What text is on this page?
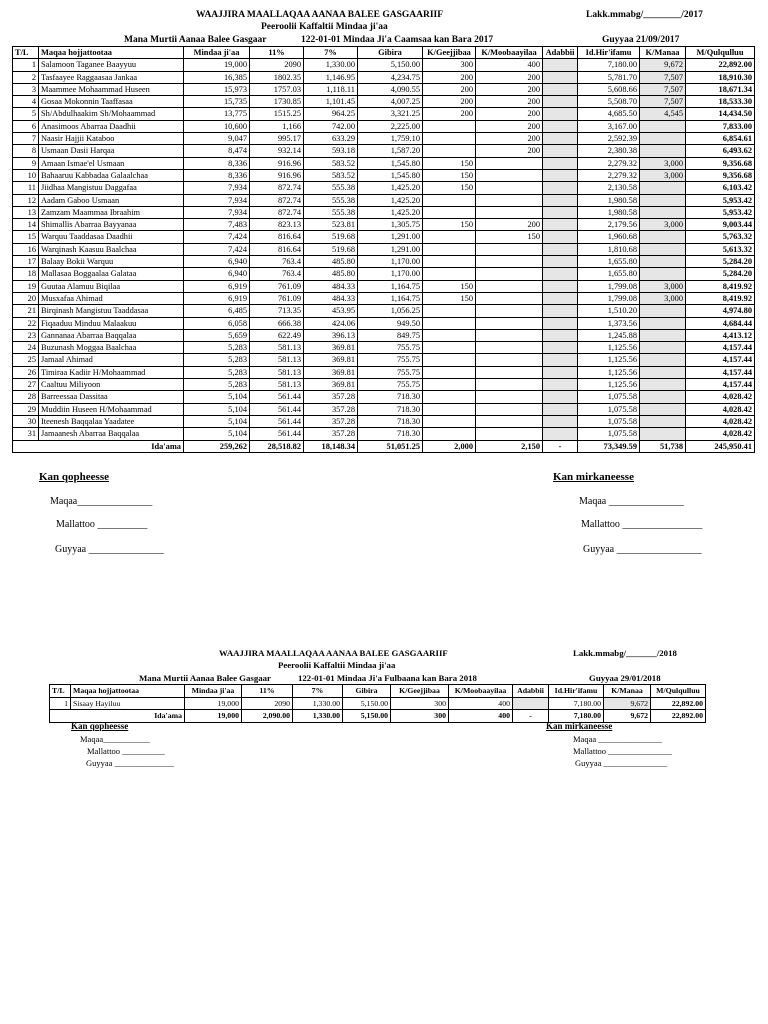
WAAJJIRA MAALLAQAA AANAA BALEE GASGAARIIF	Lakk.mmabg/________/2017
Peeroolii Kaffaltii Mindaa ji'aa
Mana Murtii Aanaa Balee Gasgaar	122-01-01 Mindaa Ji'a Caamsaa kan Bara 2017	Guyyaa 21/09/2017
T/L	Maqaa hojjattootaa	Mindaa ji'aa	11%	7%	Gibira	K/Geejjibaa	K/Moobaayilaa	Adabbii	Id.Hir'ifamu	K/Manaa	M/Qulqulluu
1	Salamoon Taganee Baayyuu	19,000	2090	1,330.00	5,150.00	300	400		7,180.00	9,672	22,892.00
2	Tasfaayee Raggaasaa Jankaa	16,385	1802.35	1,146.95	4,234.75	200	200		5,781.70	7,507	18,910.30
3	Maammee Mohaammad Huseen	15,973	1757.03	1,118.11	4,090.55	200	200		5,608.66	7,507	18,671.34
4	Gosaa Mokonnin Taaffasaa	15,735	1730.85	1,101.45	4,007.25	200	200		5,508.70	7,507	18,533.30
5	Sh/Abdulhaakim Sh/Mohaammad	13,775	1515.25	964.25	3,321.25	200	200		4,685.50	4,545	14,434.50
6	Anasimoos Abarraa Daadhii	10,600	1,166	742.00	2,225.00		200		3,167.00		7,833.00
7	Naasir Hajjii Kataboo	9,047	995.17	633.29	1,759.10		200		2,592.39		6,854.61
8	Usmaan Dasii Harqaa	8,474	932.14	593.18	1,587.20		200		2,380.38		6,493.62
9	Amaan Ismae'el Usmaan	8,336	916.96	583.52	1,545.80	150			2,279.32	3,000	9,356.68
10	Bahaaruu Kabbadaa Galaalchaa	8,336	916.96	583.52	1,545.80	150			2,279.32	3,000	9,356.68
11	Jiidhaa Mangistuu Daggafaa	7,934	872.74	555.38	1,425.20	150			2,130.58		6,103.42
12	Aadam Gaboo Usmaan	7,934	872.74	555.38	1,425.20				1,980.58		5,953.42
13	Zamzam Maammaa Ibraahim	7,934	872.74	555.38	1,425.20				1,980.58		5,953.42
14	Shimallis Abarraa Bayyanaa	7,483	823.13	523.81	1,305.75	150	200		2,179.56	3,000	9,003.44
15	Warquu Taaddasaa Daadhii	7,424	816.64	519.68	1,291.00		150		1,960.68		5,763.32
16	Warqinash Kaasuu Baalchaa	7,424	816.64	519.68	1,291.00				1,810.68		5,613.32
17	Balaay Bokii Warquu	6,940	763.4	485.80	1,170.00				1,655.80		5,284.20
18	Mallasaa Boggaalaa Galataa	6,940	763.4	485.80	1,170.00				1,655.80		5,284.20
19	Guutaa Alamuu Biqilaa	6,919	761.09	484.33	1,164.75	150			1,799.08	3,000	8,419.92
20	Musxafaa Ahimad	6,919	761.09	484.33	1,164.75	150			1,799.08	3,000	8,419.92
21	Birqinash Mangistuu Taaddasaa	6,485	713.35	453.95	1,056.25				1,510.20		4,974.80
22	Fiqaaduu Minduu Malaakuu	6,058	666.38	424.06	949.50				1,373.56		4,684.44
23	Gannanaa Abarraa Baqqalaa	5,659	622.49	396.13	849.75				1,245.88		4,413.12
24	Buzunash Moggaa Baalchaa	5,283	581.13	369.81	755.75				1,125.56		4,157.44
25	Jamaal Ahimad	5,283	581.13	369.81	755.75				1,125.56		4,157.44
26	Timiraa Kadiir H/Mohaammad	5,283	581.13	369.81	755.75				1,125.56		4,157.44
27	Caaltuu Miliyoon	5,283	581.13	369.81	755.75				1,125.56		4,157.44
28	Barreessaa Dassitaa	5,104	561.44	357.28	718.30				1,075.58		4,028.42
29	Muddiin Huseen H/Mohaammad	5,104	561.44	357.28	718.30				1,075.58		4,028.42
30	Iteenesh Baqqalaa Yaadatee	5,104	561.44	357.28	718.30				1,075.58		4,028.42
31	Jamaanesh Abarraa Baqqalaa	5,104	561.44	357.28	718.30				1,075.58		4,028.42
Ida'ama		259,262	28,518.82	18,148.34	51,051.25	2,000	2,150	-	73,349.59	51,738	245,950.41
Kan qopheesse	Kan mirkaneesse
Maqaa_______________
Mallattoo __________
Guyyaa _______________
Maqaa _______________
Mallattoo ________________
Guyyaa _________________
WAAJJIRA MAALLAQAA AANAA BALEE GASGAARIIF	Lakk.mmabg/_______/2018
Peeroolii Kaffaltii Mindaa ji'aa
Mana Murtii Aanaa Balee Gasgaar	122-01-01 Mindaa Ji'a Fulbaana kan Bara 2018	Guyyaa 29/01/2018
T/L	Maqaa hojjattootaa	Mindaa ji'aa	11%	7%	Gibira	K/Geejjibaa	K/Moobaayilaa	Adabbii	Id.Hir'ifamu	K/Manaa	M/Qulqulluu
1	Sisaay Hayiluu	19,000	2090	1,330.00	5,150.00	300	400		7,180.00	9,672	22,892.00
Ida'ama		19,000	2,090.00	1,330.00	5,150.00	300	400	-	7,180.00	9,672	22,892.00
Kan qopheesse	Kan mirkaneesse
Maqaa___________
Mallattoo __________
Guyyaa ______________
Maqaa _______________
Mallattoo _______________
Guyyaa _______________
